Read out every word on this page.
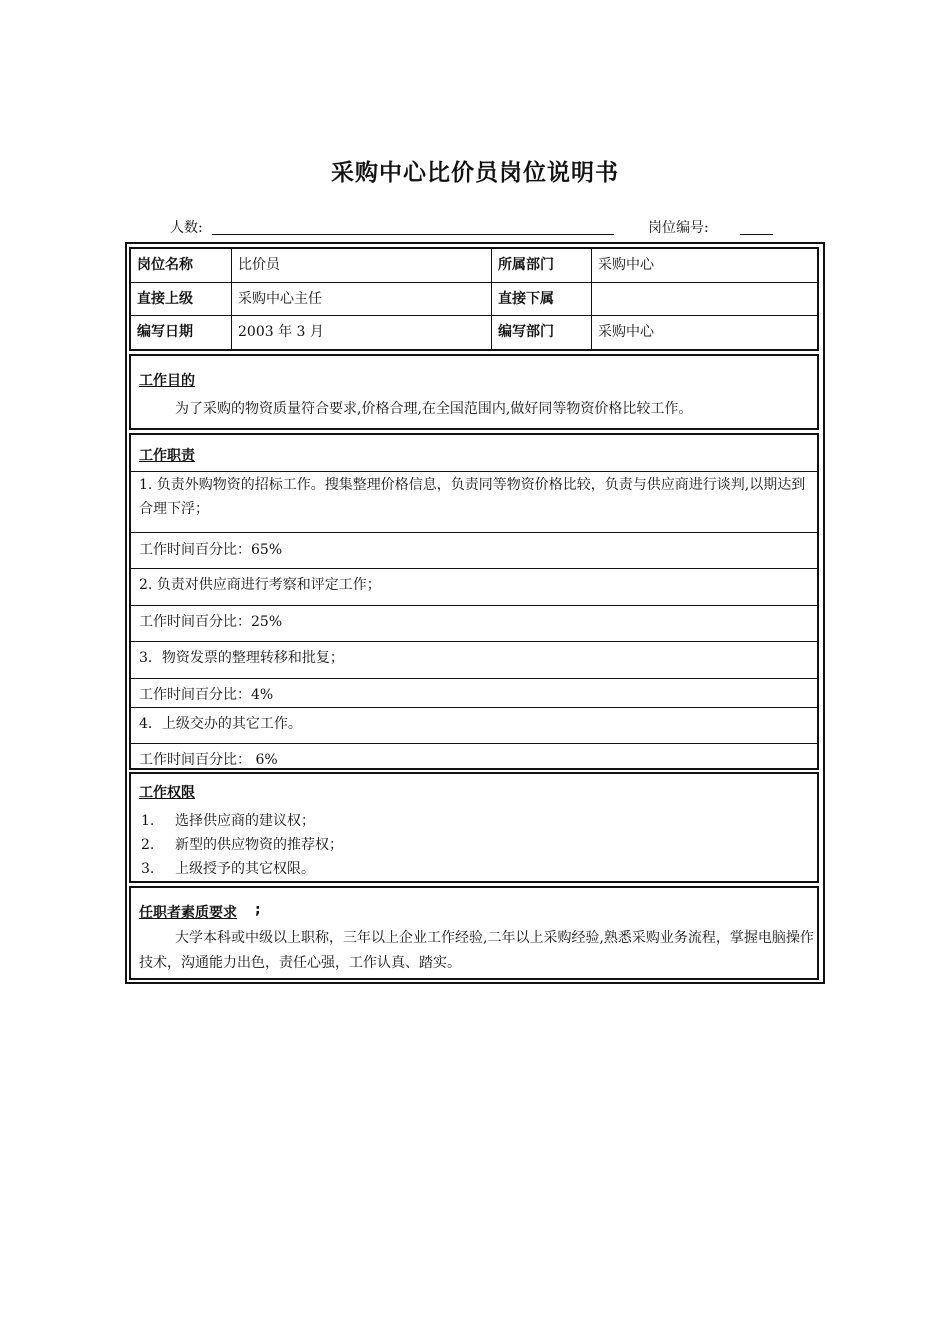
采购中心比价员岗位说明书
人数:	岗位编号:
岗位名称	比价员	所属部门	采购中心
直接上级	采购中心主任	直接下属
编写日期	2003 年 3 月	编写部门	采购中心
工作目的
为了采购的物资质量符合要求,价格合理,在全国范围内,做好同等物资价格比较工作。
工作职责
1. 负责外购物资的招标工作。搜集整理价格信息，负责同等物资价格比较，负责与供应商进行谈判,以期达到合理下浮；
工作时间百分比：65%
2. 负责对供应商进行考察和评定工作；
工作时间百分比：25%
3．物资发票的整理转移和批复；
工作时间百分比：4%
4．上级交办的其它工作。
工作时间百分比： 6%
工作权限
1. 选择供应商的建议权；
2. 新型的供应物资的推荐权；
3. 上级授予的其它权限。
任职者素质要求 ;
大学本科或中级以上职称，三年以上企业工作经验,二年以上采购经验,熟悉采购业务流程，掌握电脑操作技术，沟通能力出色，责任心强，工作认真、踏实。
